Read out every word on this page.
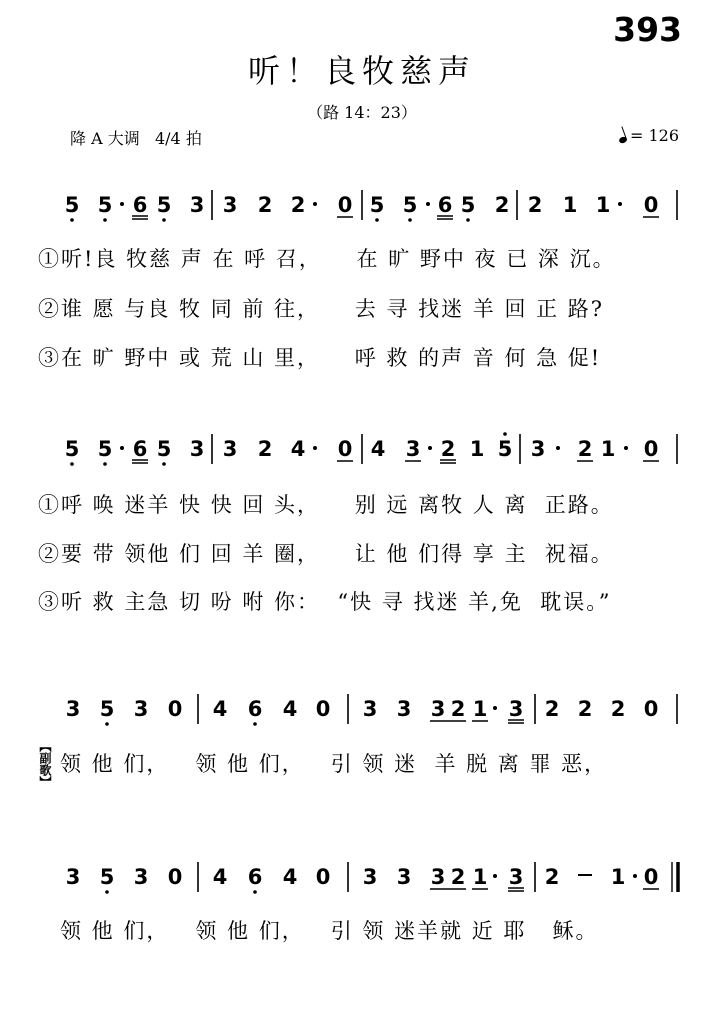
393
听！良牧慈声
（路 14：23）
降 A 大调   4/4 拍	= 126
5 5 6 5 3 3 2 2 0 5 5 6 5 2 2 1 1 0
①听!良 牧慈 声 在 呼 召，    在 旷 野中 夜 已 深 沉。
②谁 愿 与良 牧 同 前 往，    去 寻 找迷 羊 回 正 路?
③在 旷 野中 或 荒 山 里，    呼 救 的声 音 何 急 促!
5 5 6 5 3 3 2 4 0 4 3 2 1 5 3 2 1 0
①呼 唤 迷羊 快 快 回 头，    别 远 离牧 人 离  正路。
②要 带 领他 们 回 羊 圈，    让 他 们得 享 主  祝福。
③听 救 主急 切 吩 咐 你：  “快 寻 找迷 羊,免  耽误。”
3 5 3 0 4 6 4 0 3 3 3 2 1 3 2 2 2 0
【副歌】 领 他 们，   领 他 们，   引 领 迷  羊 脱 离 罪 恶，
3 5 3 0 4 6 4 0 3 3 3 2 1 3 2 1 0
领 他 们，   领 他 们，   引 领 迷羊就 近 耶   稣。
